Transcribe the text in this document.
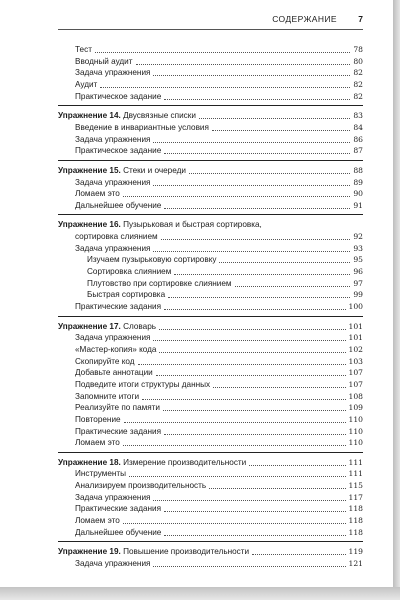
СОДЕРЖАНИЕ	7
Тест	78
Вводный аудит	80
Задача упражнения	82
Аудит	82
Практическое задание	82
Упражнение 14. Двусвязные списки	83
Введение в инвариантные условия	84
Задача упражнения	86
Практическое задание	87
Упражнение 15. Стеки и очереди	88
Задача упражнения	89
Ломаем это	90
Дальнейшее обучение	91
Упражнение 16. Пузырьковая и быстрая сортировка,
сортировка слиянием	92
Задача упражнения	93
Изучаем пузырьковую сортировку	95
Сортировка слиянием	96
Плутовство при сортировке слиянием	97
Быстрая сортировка	99
Практические задания	100
Упражнение 17. Словарь	101
Задача упражнения	101
«Мастер-копия» кода	102
Скопируйте код	103
Добавьте аннотации	107
Подведите итоги структуры данных	107
Запомните итоги	108
Реализуйте по памяти	109
Повторение	110
Практические задания	110
Ломаем это	110
Упражнение 18. Измерение производительности	111
Инструменты	111
Анализируем производительность	115
Задача упражнения	117
Практические задания	118
Ломаем это	118
Дальнейшее обучение	118
Упражнение 19. Повышение производительности	119
Задача упражнения	121
